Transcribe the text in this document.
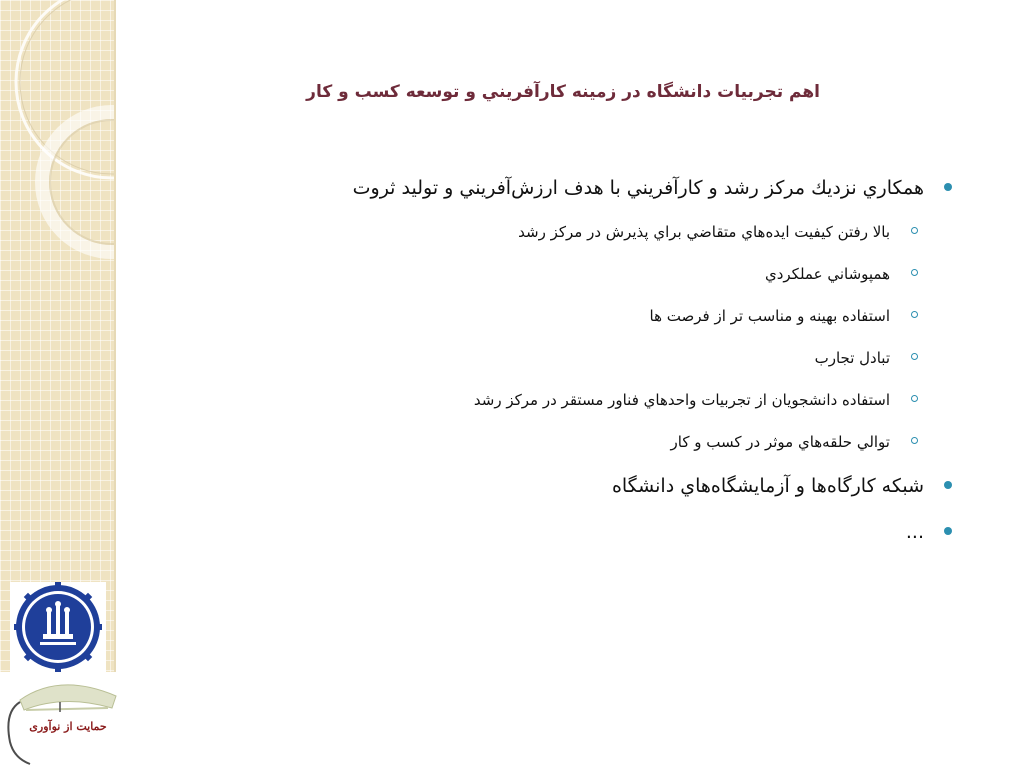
حمایت از نوآوری
اهم تجربيات دانشگاه در زمينه كارآفريني و توسعه كسب و كار
همكاري نزديك مركز رشد و كارآفريني با هدف ارزش‌آفريني و توليد ثروت
بالا رفتن كيفيت ايده‌هاي متقاضي براي پذيرش در مركز رشد
همپوشاني عملكردي
استفاده بهينه و مناسب تر از فرصت ها
تبادل تجارب
استفاده دانشجويان از تجربيات واحدهاي فناور مستقر در مركز رشد
توالي حلقه‌هاي موثر در كسب و كار
شبكه كارگاه‌ها و آزمايشگاه‌هاي دانشگاه
...
